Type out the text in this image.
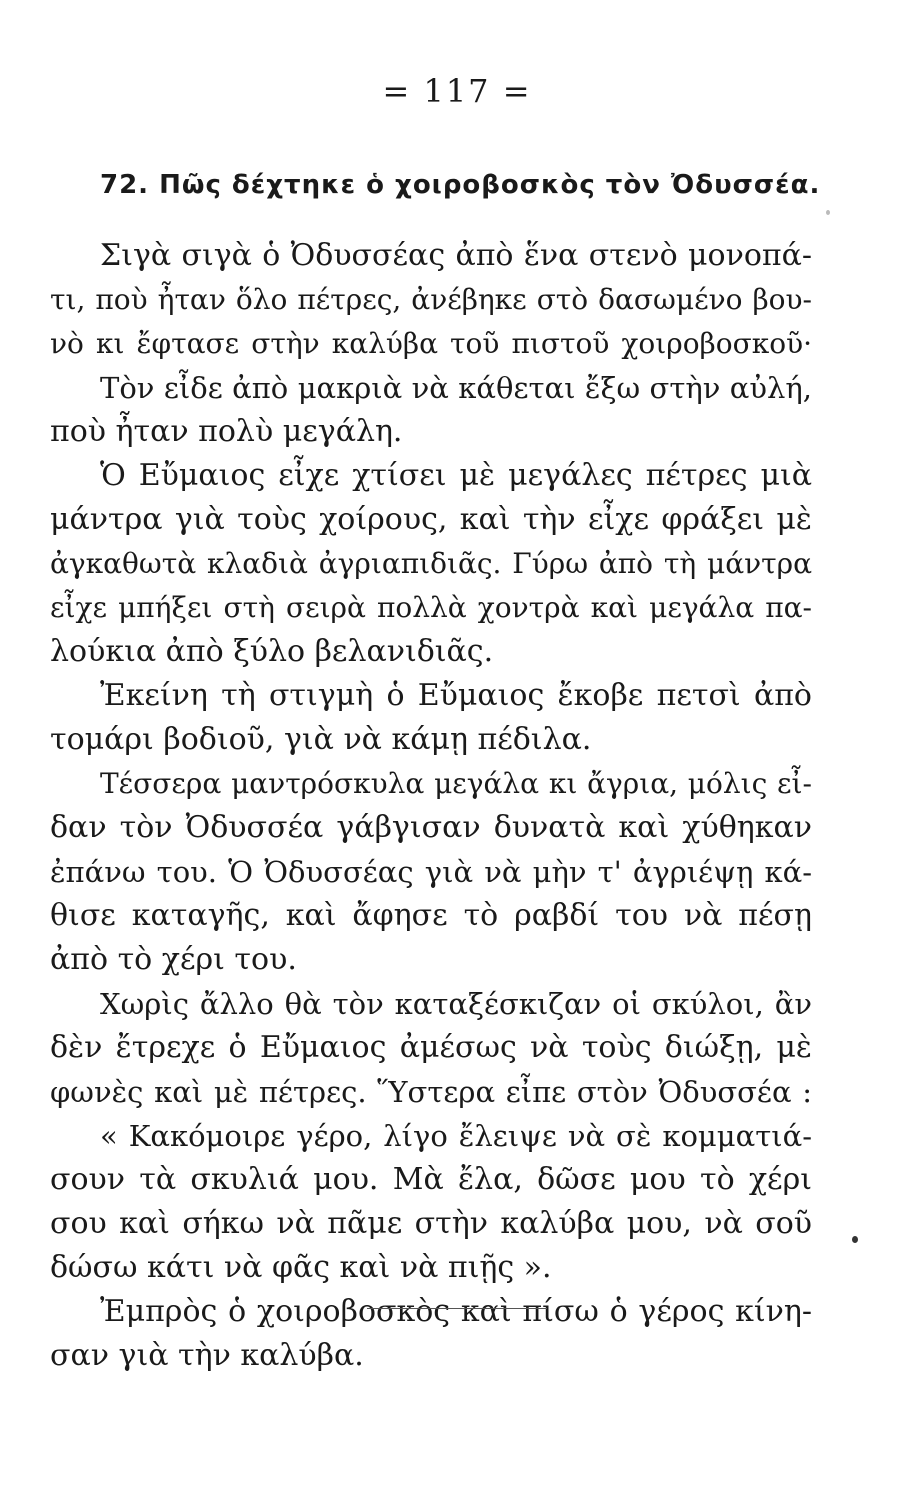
= 117 =
72. Πῶς δέχτηκε ὁ χοιροβοσκὸς τὸν Ὀδυσσέα.
Σιγὰ σιγὰ ὁ Ὀδυσσέας ἀπὸ ἕνα στενὸ μονοπά-
τι, ποὺ ἦταν ὅλο πέτρες, ἀνέβηκε στὸ δασωμένο βου-
νὸ κι ἔφτασε στὴν καλύβα τοῦ πιστοῦ χοιροβοσκοῦ·
Τὸν εἶδε ἀπὸ μακριὰ νὰ κάθεται ἔξω στὴν αὐλή,
ποὺ ἦταν πολὺ μεγάλη.
Ὁ Εὔμαιος εἶχε χτίσει μὲ μεγάλες πέτρες μιὰ
μάντρα γιὰ τοὺς χοίρους, καὶ τὴν εἶχε φράξει μὲ
ἀγκαθωτὰ κλαδιὰ ἀγριαπιδιᾶς. Γύρω ἀπὸ τὴ μάντρα
εἶχε μπήξει στὴ σειρὰ πολλὰ χοντρὰ καὶ μεγάλα πα-
λούκια ἀπὸ ξύλο βελανιδιᾶς.
Ἐκείνη τὴ στιγμὴ ὁ Εὔμαιος ἔκοβε πετσὶ ἀπὸ
τομάρι βοδιοῦ, γιὰ νὰ κάμῃ πέδιλα.
Τέσσερα μαντρόσκυλα μεγάλα κι ἄγρια, μόλις εἶ-
δαν τὸν Ὀδυσσέα γάβγισαν δυνατὰ καὶ χύθηκαν
ἐπάνω του. Ὁ Ὀδυσσέας γιὰ νὰ μὴν τ' ἀγριέψῃ κά-
θισε καταγῆς, καὶ ἄφησε τὸ ραβδί του νὰ πέσῃ
ἀπὸ τὸ χέρι του.
Χωρὶς ἄλλο θὰ τὸν καταξέσκιζαν οἱ σκύλοι, ἂν
δὲν ἔτρεχε ὁ Εὔμαιος ἀμέσως νὰ τοὺς διώξῃ, μὲ
φωνὲς καὶ μὲ πέτρες. Ὕστερα εἶπε στὸν Ὀδυσσέα :
« Κακόμοιρε γέρο, λίγο ἔλειψε νὰ σὲ κομματιά-
σουν τὰ σκυλιά μου. Μὰ ἔλα, δῶσε μου τὸ χέρι
σου καὶ σήκω νὰ πᾶμε στὴν καλύβα μου, νὰ σοῦ
δώσω κάτι νὰ φᾶς καὶ νὰ πιῇς ».
Ἐμπρὸς ὁ χοιροβοσκὸς καὶ πίσω ὁ γέρος κίνη-
σαν γιὰ τὴν καλύβα.
